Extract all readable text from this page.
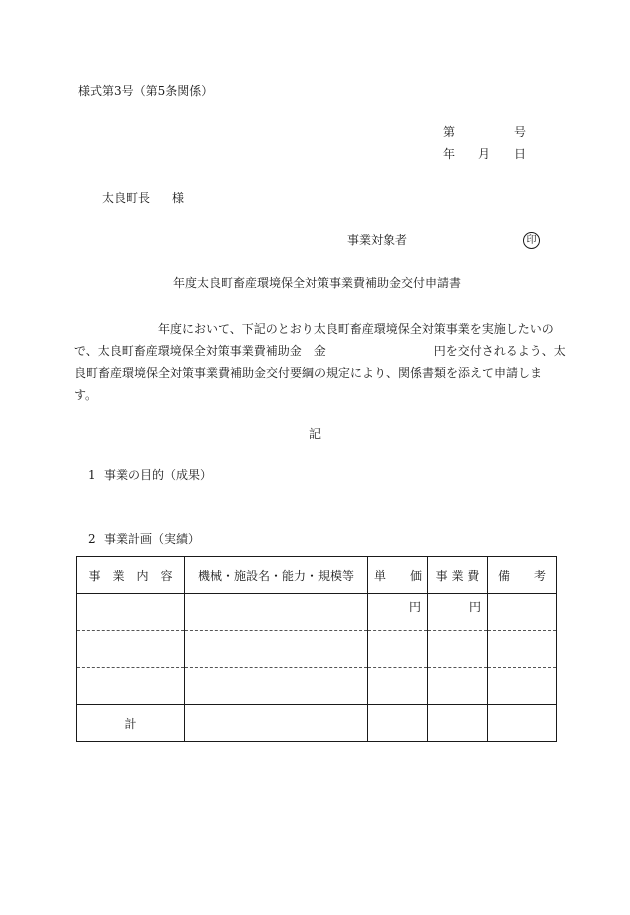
様式第3号（第5条関係）
第	号
年 月 日
太良町長 様
事業対象者	印
年度太良町畜産環境保全対策事業費補助金交付申請書
　　　　　　　年度において、下記のとおり太良町畜産環境保全対策事業を実施したいの
で、太良町畜産環境保全対策事業費補助金　金　　　　　　　　　円を交付されるよう、太
良町畜産環境保全対策事業費補助金交付要綱の規定により、関係書類を添えて申請しま
す。
記
1 事業の目的（成果）
2 事業計画（実績）
事　業　内　容	機械・施設名・能力・規模等	単　　価	事 業 費	備　　考
		円	円	

計				
